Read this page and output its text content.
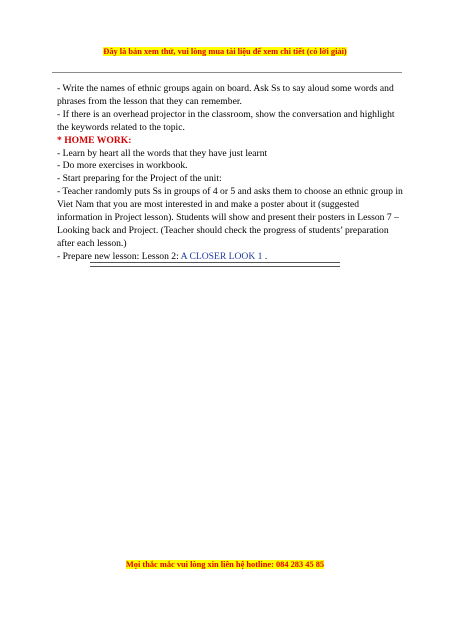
Đây là bản xem thử, vui lòng mua tài liệu để xem chi tiết (có lời giải)

- Write the names of ethnic groups again on board. Ask Ss to say aloud some words and phrases from the lesson that they can remember.

- If there is an overhead projector in the classroom, show the conversation and highlight the keywords related to the topic.

* HOME WORK:

- Learn by heart all the words that they have just learnt

- Do more exercises in workbook.

- Start preparing for the Project of the unit:

- Teacher randomly puts Ss in groups of 4 or 5 and asks them to choose an ethnic group in Viet Nam that you are most interested in and make a poster about it (suggested information in Project lesson). Students will show and present their posters in Lesson 7 – Looking back and Project. (Teacher should check the progress of students’ preparation after each lesson.)

- Prepare new lesson: Lesson 2: A CLOSER LOOK 1 .

Mọi thắc mắc vui lòng xin liên hệ hotline: 084 283 45 85
